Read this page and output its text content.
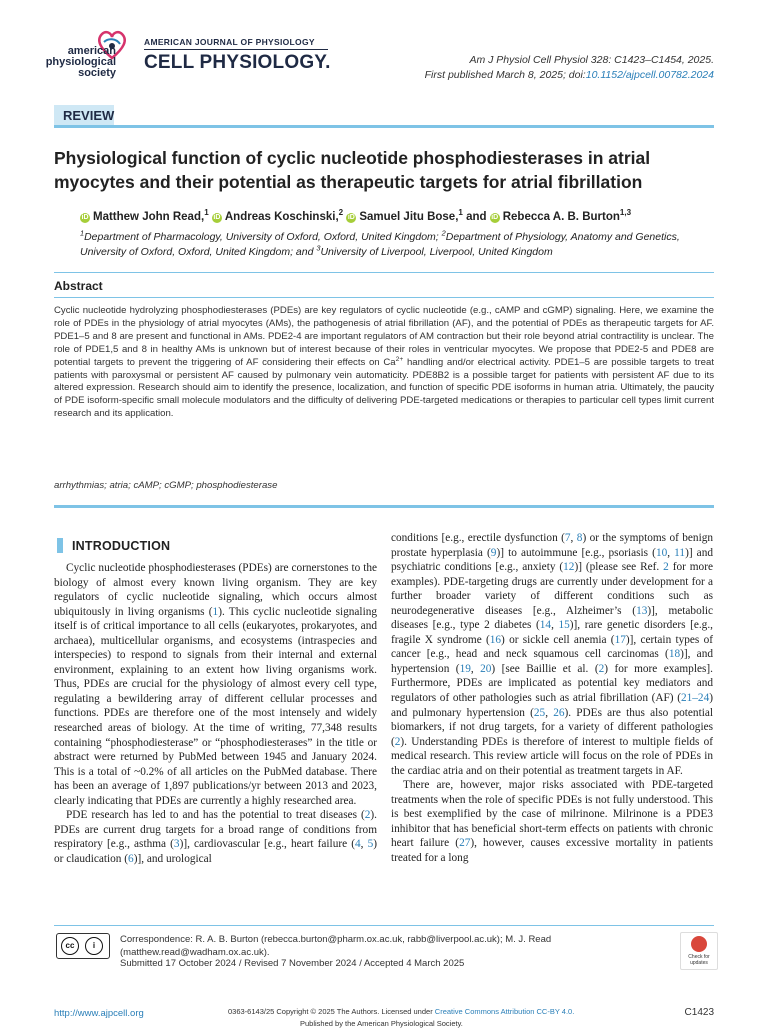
american
physiological
society
AMERICAN JOURNAL OF PHYSIOLOGY
CELL PHYSIOLOGY.	Am J Physiol Cell Physiol 328: C1423–C1454, 2025.
First published March 8, 2025; doi:10.1152/ajpcell.00782.2024
REVIEW
Physiological function of cyclic nucleotide phosphodiesterases in atrial myocytes and their potential as therapeutic targets for atrial fibrillation
iD Matthew John Read,$^1$ iD Andreas Koschinski,$^2$ iD Samuel Jitu Bose,$^1$ and iD Rebecca A. B. Burton$^{1,3}$
$^1$Department of Pharmacology, University of Oxford, Oxford, United Kingdom; $^2$Department of Physiology, Anatomy and Genetics, University of Oxford, Oxford, United Kingdom; and $^3$University of Liverpool, Liverpool, United Kingdom
Abstract
Cyclic nucleotide hydrolyzing phosphodiesterases (PDEs) are key regulators of cyclic nucleotide (e.g., cAMP and cGMP) signaling. Here, we examine the role of PDEs in the physiology of atrial myocytes (AMs), the pathogenesis of atrial fibrillation (AF), and the potential of PDEs as therapeutic targets for AF. PDE1–5 and 8 are present and functional in AMs. PDE2-4 are important regulators of AM contraction but their role beyond atrial contractility is unclear. The role of PDE1,5 and 8 in healthy AMs is unknown but of interest because of their roles in ventricular myocytes. We propose that PDE2-5 and PDE8 are potential targets to prevent the triggering of AF considering their effects on $Ca^{2+}$ handling and/or electrical activity. PDE1–5 are possible targets to treat patients with paroxysmal or persistent AF caused by pulmonary vein automaticity. PDE8B2 is a possible target for patients with persistent AF due to its altered expression. Research should aim to identify the presence, localization, and function of specific PDE isoforms in human atria. Ultimately, the paucity of PDE isoform-specific small molecule modulators and the difficulty of delivering PDE-targeted medications or therapies to particular cell types limit current research and its application.
arrhythmias; atria; cAMP; cGMP; phosphodiesterase
INTRODUCTION

Cyclic nucleotide phosphodiesterases (PDEs) are cornerstones to the biology of almost every known living organism. They are key regulators of cyclic nucleotide signaling, which occurs almost ubiquitously in living organisms (1). This cyclic nucleotide signaling itself is of critical importance to all cells (eukaryotes, prokaryotes, and archaea), multicellular organisms, and ecosystems (intraspecies and interspecies) to respond to signals from their internal and external environment, explaining to an extent how living organisms work. Thus, PDEs are crucial for the physiology of almost every cell type, regulating a bewildering array of different cellular processes and functions. PDEs are therefore one of the most intensely and widely researched areas of biology. At the time of writing, 77,348 results containing “phosphodiesterase” or “phosphodiesterases” in the title or abstract were returned by PubMed between 1945 and January 2024. This is a total of ~0.2% of all articles on the PubMed database. There has been an average of 1,897 publications/yr between 2013 and 2023, clearly indicating that PDEs are currently a highly researched area.

PDE research has led to and has the potential to treat diseases (2). PDEs are current drug targets for a broad range of conditions from respiratory [e.g., asthma (3)], cardiovascular [e.g., heart failure (4, 5) or claudication (6)], and urological

conditions [e.g., erectile dysfunction (7, 8) or the symptoms of benign prostate hyperplasia (9)] to autoimmune [e.g., psoriasis (10, 11)] and psychiatric conditions [e.g., anxiety (12)] (please see Ref. 2 for more examples). PDE-targeting drugs are currently under development for a further broader variety of different conditions such as neurodegenerative diseases [e.g., Alzheimer’s (13)], metabolic diseases [e.g., type 2 diabetes (14, 15)], rare genetic disorders [e.g., fragile X syndrome (16) or sickle cell anemia (17)], certain types of cancer [e.g., head and neck squamous cell carcinomas (18)], and hypertension (19, 20) [see Baillie et al. (2) for more examples]. Furthermore, PDEs are implicated as potential key mediators and regulators of other pathologies such as atrial fibrillation (AF) (21–24) and pulmonary hypertension (25, 26). PDEs are thus also potential biomarkers, if not drug targets, for a variety of different pathologies (2). Understanding PDEs is therefore of interest to multiple fields of medical research. This review article will focus on the role of PDEs in the cardiac atria and on their potential as treatment targets in AF.

There are, however, major risks associated with PDE-targeted treatments when the role of specific PDEs is not fully understood. This is best exemplified by the case of milrinone. Milrinone is a PDE3 inhibitor that has beneficial short-term effects on patients with chronic heart failure (27), however, causes excessive mortality in patients treated for a long

cc	i
Correspondence: R. A. B. Burton (rebecca.burton@pharm.ox.ac.uk, rabb@liverpool.ac.uk); M. J. Read (matthew.read@wadham.ox.ac.uk).
Submitted 17 October 2024 / Revised 7 November 2024 / Accepted 4 March 2025
Check for updates
http://www.ajpcell.org	0363-6143/25 Copyright © 2025 The Authors. Licensed under Creative Commons Attribution CC-BY 4.0.
Published by the American Physiological Society.
C1423
